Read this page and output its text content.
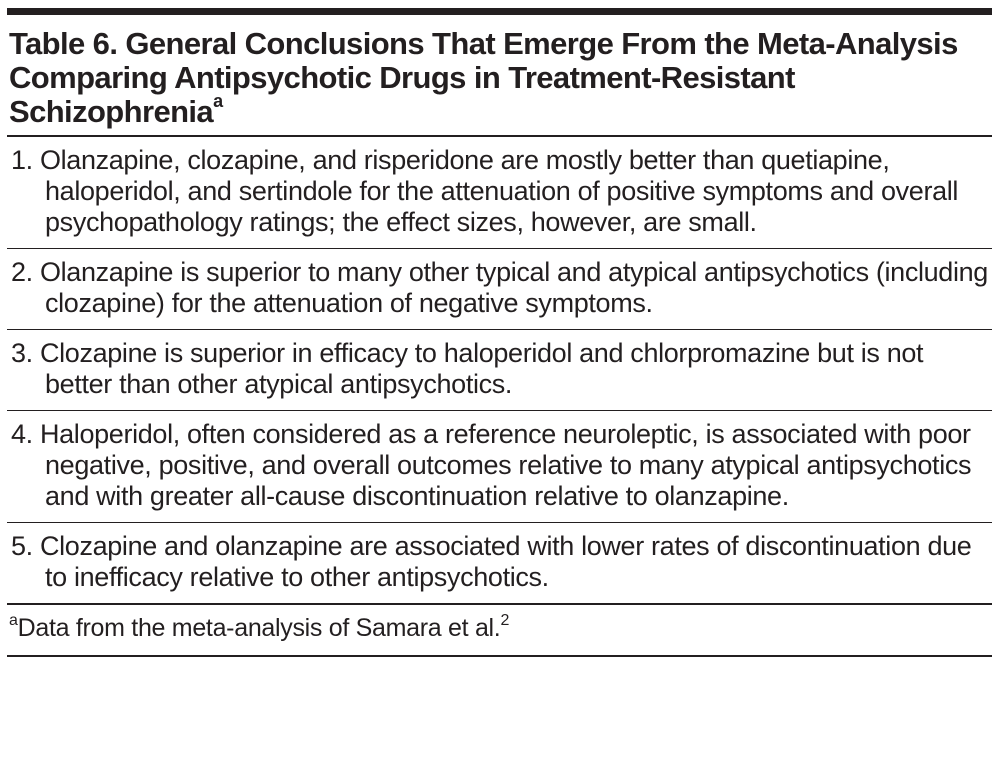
Table 6. General Conclusions That Emerge From the Meta-Analysis Comparing Antipsychotic Drugs in Treatment-Resistant Schizophrenia$^a$
1. Olanzapine, clozapine, and risperidone are mostly better than quetiapine, haloperidol, and sertindole for the attenuation of positive symptoms and overall psychopathology ratings; the effect sizes, however, are small.
2. Olanzapine is superior to many other typical and atypical antipsychotics (including clozapine) for the attenuation of negative symptoms.
3. Clozapine is superior in efficacy to haloperidol and chlorpromazine but is not better than other atypical antipsychotics.
4. Haloperidol, often considered as a reference neuroleptic, is associated with poor negative, positive, and overall outcomes relative to many atypical antipsychotics and with greater all-cause discontinuation relative to olanzapine.
5. Clozapine and olanzapine are associated with lower rates of discontinuation due to inefficacy relative to other antipsychotics.
$^a$Data from the meta-analysis of Samara et al.$^2$
